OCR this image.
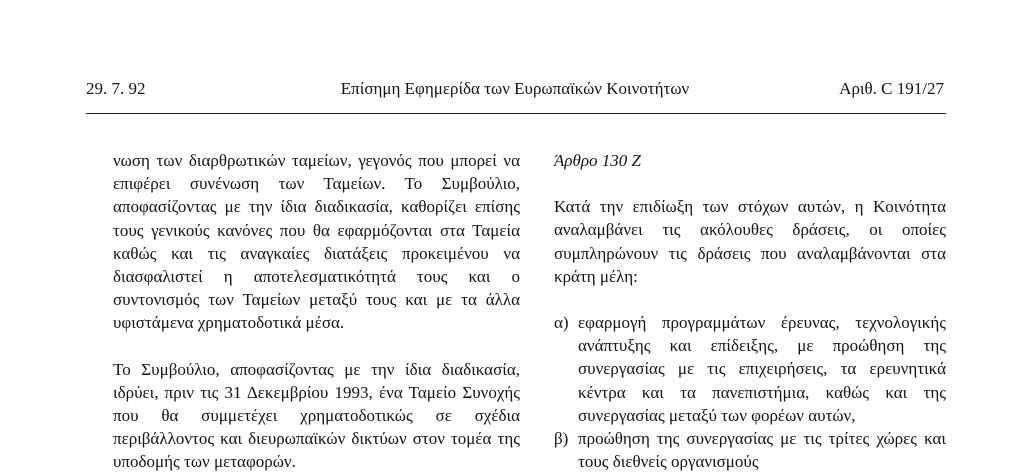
29. 7. 92	Επίσημη Εφημερίδα των Ευρωπαϊκών Κοινοτήτων	Αριθ. C 191/27

νωση των διαρθρωτικών ταμείων, γεγονός που μπορεί να επιφέρει συνένωση των Ταμείων. Το Συμβούλιο, αποφασίζοντας με την ίδια διαδικασία, καθορίζει επίσης τους γενικούς κανόνες που θα εφαρμόζονται στα Ταμεία καθώς και τις αναγκαίες διατάξεις προκειμένου να διασφαλιστεί η αποτελεσματικότητά τους και ο συντονισμός των Ταμείων μεταξύ τους και με τα άλλα υφιστάμενα χρηματοδοτικά μέσα.

Το Συμβούλιο, αποφασίζοντας με την ίδια διαδικασία, ιδρύει, πριν τις 31 Δεκεμβρίου 1993, ένα Ταμείο Συνοχής που θα συμμετέχει χρηματοδοτικώς σε σχέδια περιβάλλοντος και διευρωπαϊκών δικτύων στον τομέα της υποδομής των μεταφορών.

Άρθρο 130 Ζ

Κατά την επιδίωξη των στόχων αυτών, η Κοινότητα αναλαμβάνει τις ακόλουθες δράσεις, οι οποίες συμπληρώνουν τις δράσεις που αναλαμβάνονται στα κράτη μέλη:

α) εφαρμογή προγραμμάτων έρευνας, τεχνολογικής ανάπτυξης και επίδειξης, με προώθηση της συνεργασίας με τις επιχειρήσεις, τα ερευνητικά κέντρα και τα πανεπιστήμια, καθώς και της συνεργασίας μεταξύ των φορέων αυτών,

β) προώθηση της συνεργασίας με τις τρίτες χώρες και τους διεθνείς οργανισμούς
